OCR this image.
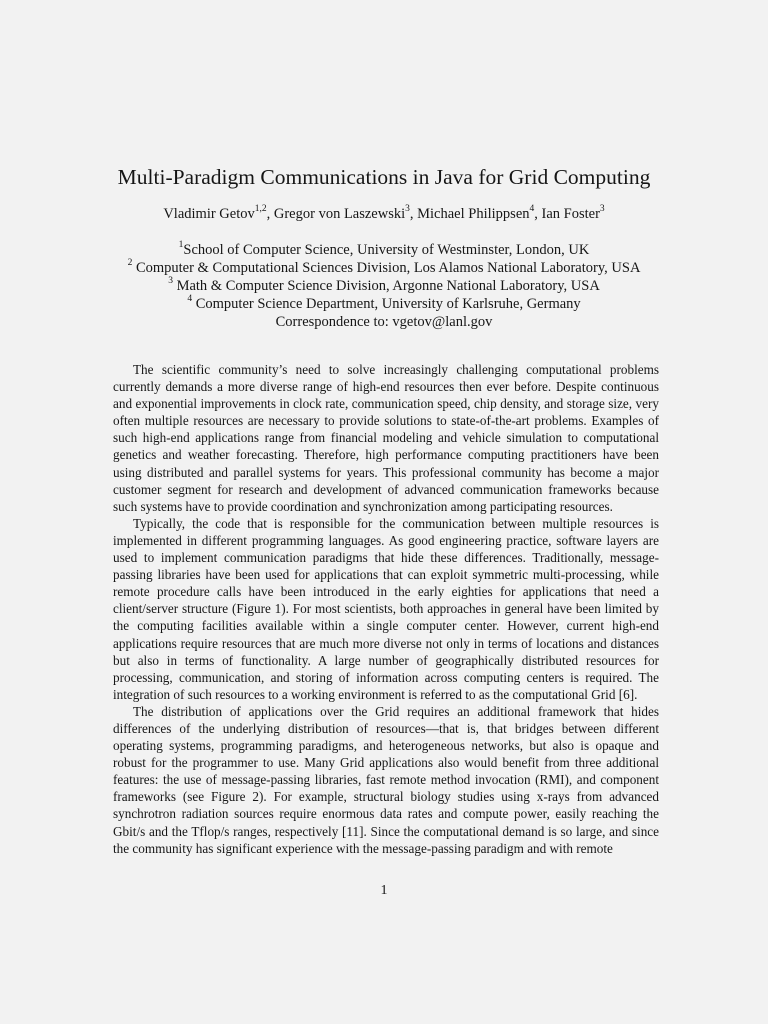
Multi-Paradigm Communications in Java for Grid Computing
Vladimir Getov$^{1,2}$, Gregor von Laszewski$^3$, Michael Philippsen$^4$, Ian Foster$^3$
$^1$School of Computer Science, University of Westminster, London, UK
$^2$ Computer & Computational Sciences Division, Los Alamos National Laboratory, USA
$^3$ Math & Computer Science Division, Argonne National Laboratory, USA
$^4$ Computer Science Department, University of Karlsruhe, Germany
Correspondence to: vgetov@lanl.gov

The scientific community’s need to solve increasingly challenging computational problems currently demands a more diverse range of high-end resources then ever before. Despite continuous and exponential improvements in clock rate, communication speed, chip density, and storage size, very often multiple resources are necessary to provide solutions to state-of-the-art problems. Examples of such high-end applications range from financial modeling and vehicle simulation to computational genetics and weather forecasting. Therefore, high performance computing practitioners have been using distributed and parallel systems for years. This professional community has become a major customer segment for research and development of advanced communication frameworks because such systems have to provide coordination and synchronization among participating resources.

Typically, the code that is responsible for the communication between multiple resources is implemented in different programming languages. As good engineering practice, software layers are used to implement communication paradigms that hide these differences. Traditionally, message-passing libraries have been used for applications that can exploit symmetric multi-processing, while remote procedure calls have been introduced in the early eighties for applications that need a client/server structure (Figure 1). For most scientists, both approaches in general have been limited by the computing facilities available within a single computer center. However, current high-end applications require resources that are much more diverse not only in terms of locations and distances but also in terms of functionality. A large number of geographically distributed resources for processing, communication, and storing of information across computing centers is required. The integration of such resources to a working environment is referred to as the computational Grid [6].

The distribution of applications over the Grid requires an additional framework that hides differences of the underlying distribution of resources—that is, that bridges between different operating systems, programming paradigms, and heterogeneous networks, but also is opaque and robust for the programmer to use. Many Grid applications also would benefit from three additional features: the use of message-passing libraries, fast remote method invocation (RMI), and component frameworks (see Figure 2). For example, structural biology studies using x-rays from advanced synchrotron radiation sources require enormous data rates and compute power, easily reaching the Gbit/s and the Tflop/s ranges, respectively [11]. Since the computational demand is so large, and since the community has significant experience with the message-passing paradigm and with remote

1
